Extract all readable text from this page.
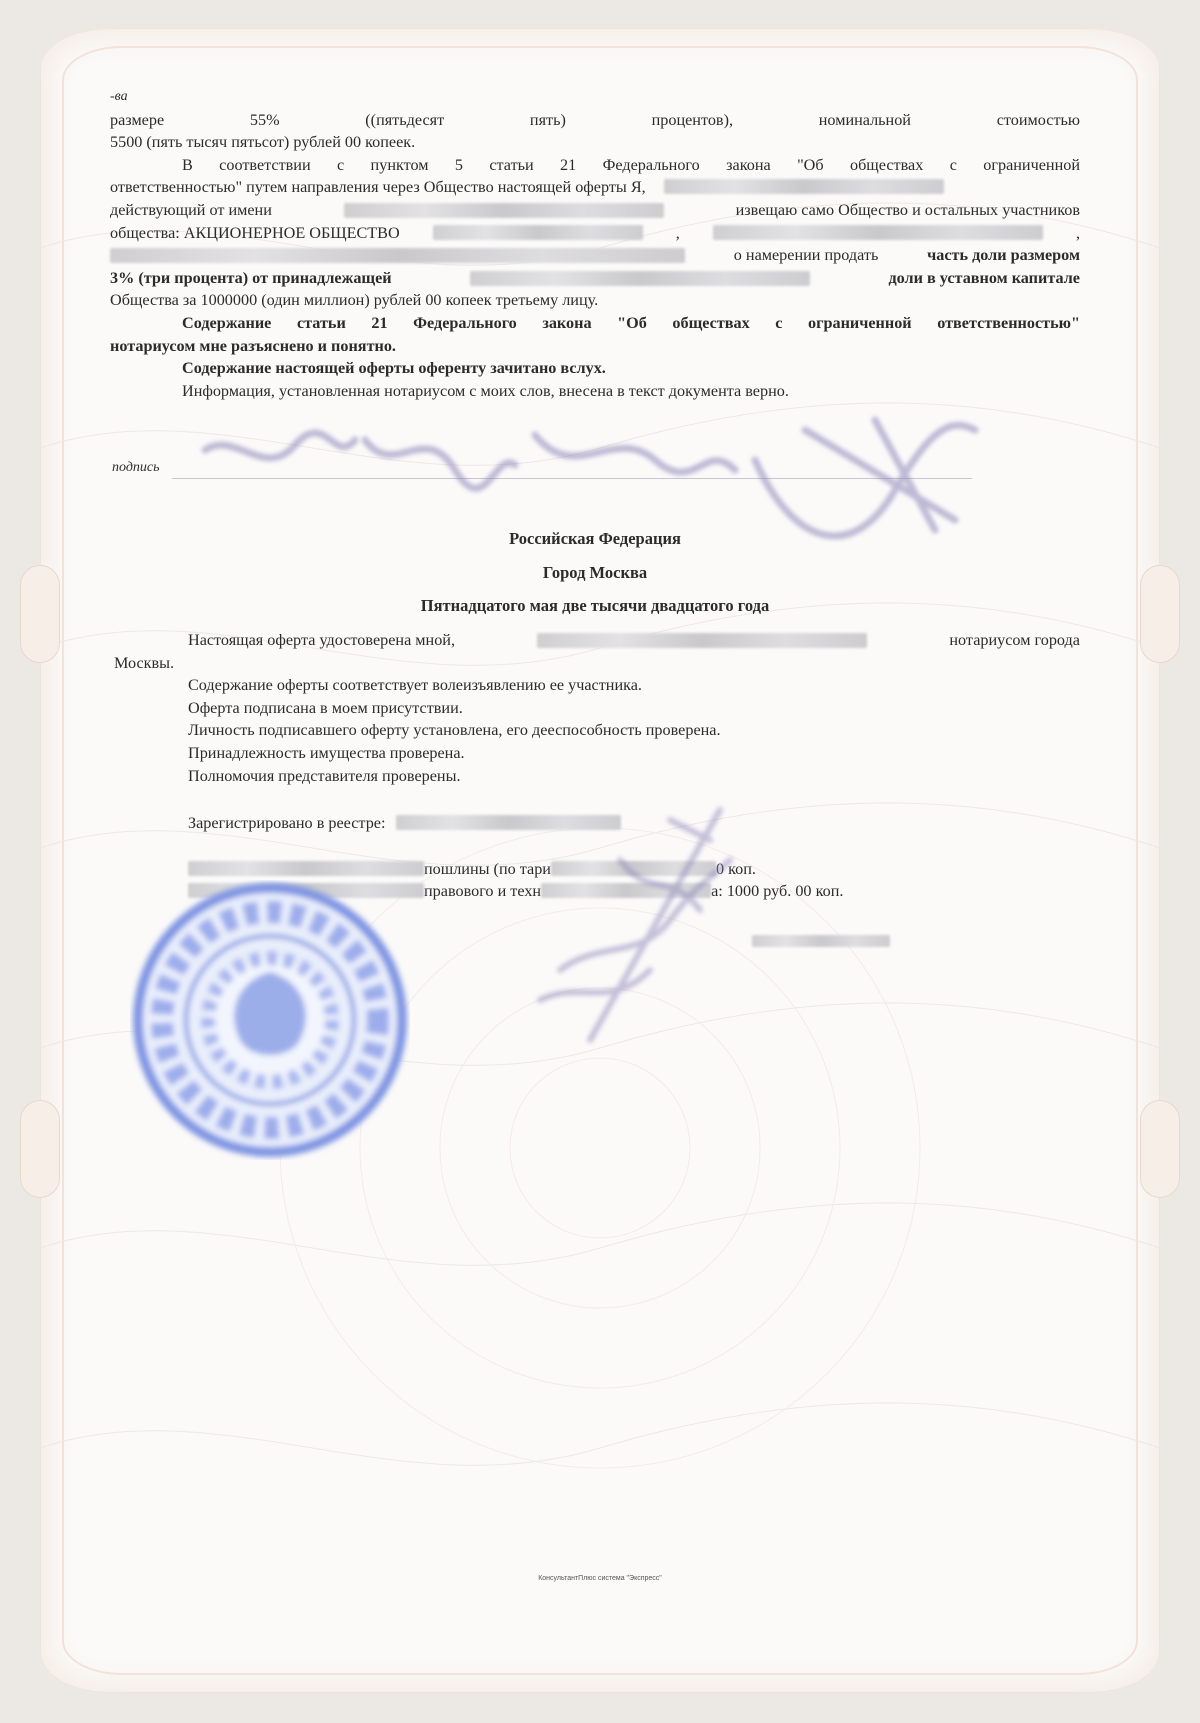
-ва
размере	55%	((пятьдесят	пять)	процентов),	номинальной	стоимостью
5500 (пять тысяч пятьсот) рублей 00 копеек.
В соответствии с пунктом 5 статьи 21 Федерального закона "Об обществах с ограниченной
ответственностью" путем направления через Общество настоящей оферты Я,
действующий от имени	извещаю само Общество и остальных участников
общества: АКЦИОНЕРНОЕ ОБЩЕСТВО	,	,
о намерении продать	часть доли размером
3% (три процента) от принадлежащей	доли в уставном капитале
Общества за 1000000 (один миллион) рублей 00 копеек третьему лицу.
Содержание статьи 21 Федерального закона "Об обществах с ограниченной ответственностью"
нотариусом мне разъяснено и понятно.
Содержание настоящей оферты оференту зачитано вслух.
Информация, установленная нотариусом с моих слов, внесена в текст документа верно.
подпись
Российская Федерация
Город Москва
Пятнадцатого мая две тысячи двадцатого года
Настоящая оферта удостоверена мной,	нотариусом города
Москвы.
Содержание оферты соответствует волеизъявлению ее участника.
Оферта подписана в моем присутствии.
Личность подписавшего оферту установлена, его дееспособность проверена.
Принадлежность имущества проверена.
Полномочия представителя проверены.
Зарегистрировано в реестре:
пошлины (по тари	0 коп.
правового и техн	а: 1000 руб. 00 коп.
КонсультантПлюс система "Экспресс"
